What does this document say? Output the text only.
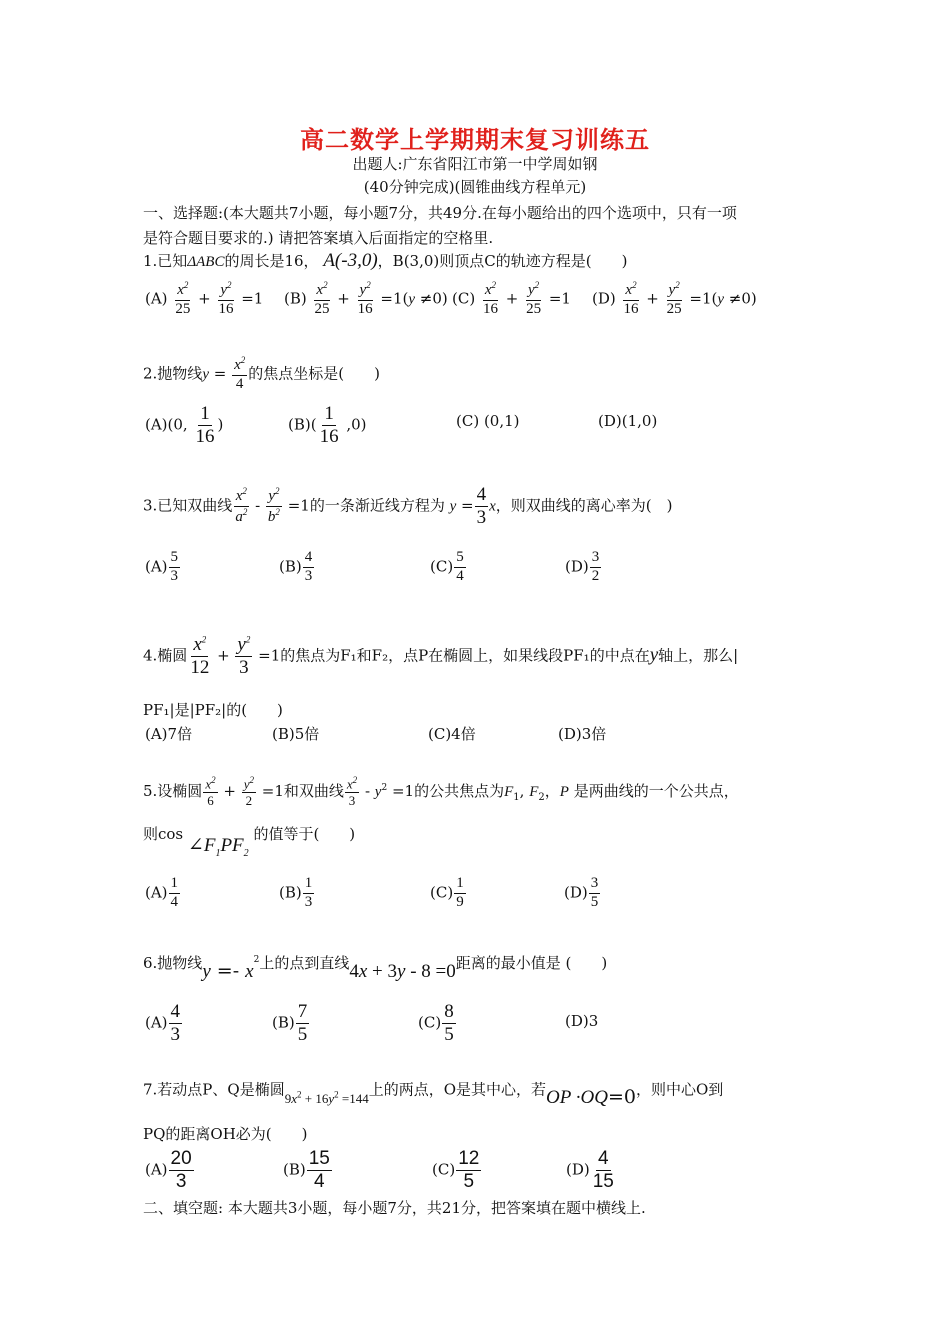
高二数学上学期期末复习训练五
出题人:广东省阳江市第一中学周如钢
(40分钟完成)(圆锥曲线方程单元)
一、选择题:(本大题共7小题，每小题7分，共49分.在每小题给出的四个选项中，只有一项
是符合题目要求的.) 请把答案填入后面指定的空格里.
1.已知ΔABC的周长是16， A(-3,0)，B(3,0)则顶点C的轨迹方程是(　　)
$(A) \frac{x^2}{25} + \frac{y^2}{16} =1$ $(B) \frac{x^2}{25} + \frac{y^2}{16} =1(y \ne 0)$ $(C) \frac{x^2}{16} + \frac{y^2}{25} =1$ $(D) \frac{x^2}{16} + \frac{y^2}{25} =1(y \ne 0)$
2.抛物线$y = \frac{x^2}{4}$ 的焦点坐标是(　　)
(A)(0, $\frac{1}{16}$ )	$(B)( \frac{1}{16} ,0)$	(C) (0,1)	(D)(1,0)
3.已知双曲线 $\frac{x^2}{a^2} - \frac{y^2}{b^2} =1$的一条渐近线方程为 $y = \frac{4}{3}$ x，则双曲线的离心率为(　)
$(A) \frac{5}{3}$	$(B) \frac{4}{3}$	$(C) \frac{5}{4}$	$(D) \frac{3}{2}$
4.椭圆 $\frac{x^2}{12} + \frac{y^2}{3} =1$的焦点为F₁和F₂，点P在椭圆上，如果线段PF₁的中点在y轴上，那么|
PF₁|是|PF₂|的(　　)
(A)7倍	(B)5倍	(C)4倍	(D)3倍
5.设椭圆 $\frac{x^2}{6} + \frac{y^2}{2} =1$和双曲线 $\frac{x^2}{3} - y^2 =1$的公共焦点为$F_1$, $F_2$，P 是两曲线的一个公共点，
则$\cos \angle F_1PF_2$ 的值等于(　　)
$(A) \frac{1}{4}$	$(B) \frac{1}{3}$	$(C) \frac{1}{9}$	$(D) \frac{3}{5}$
6.抛物线$y =- x^2$上的点到直线4x + 3y - 8 =0距离的最小值是 (　　)
$(A) \frac{4}{3}$	$(B) \frac{7}{5}$	$(C) \frac{8}{5}$	(D)3
7.若动点P、Q是椭圆$9x^2 + 16y^2 =144$上的两点，O是其中心，若OP ·OQ=0，则中心O到
PQ的距离OH必为(　　)
$(A) \frac{20}{3}$	$(B) \frac{15}{4}$	$(C) \frac{12}{5}$	$(D) \frac{4}{15}$
二、填空题: 本大题共3小题，每小题7分，共21分，把答案填在题中横线上.
